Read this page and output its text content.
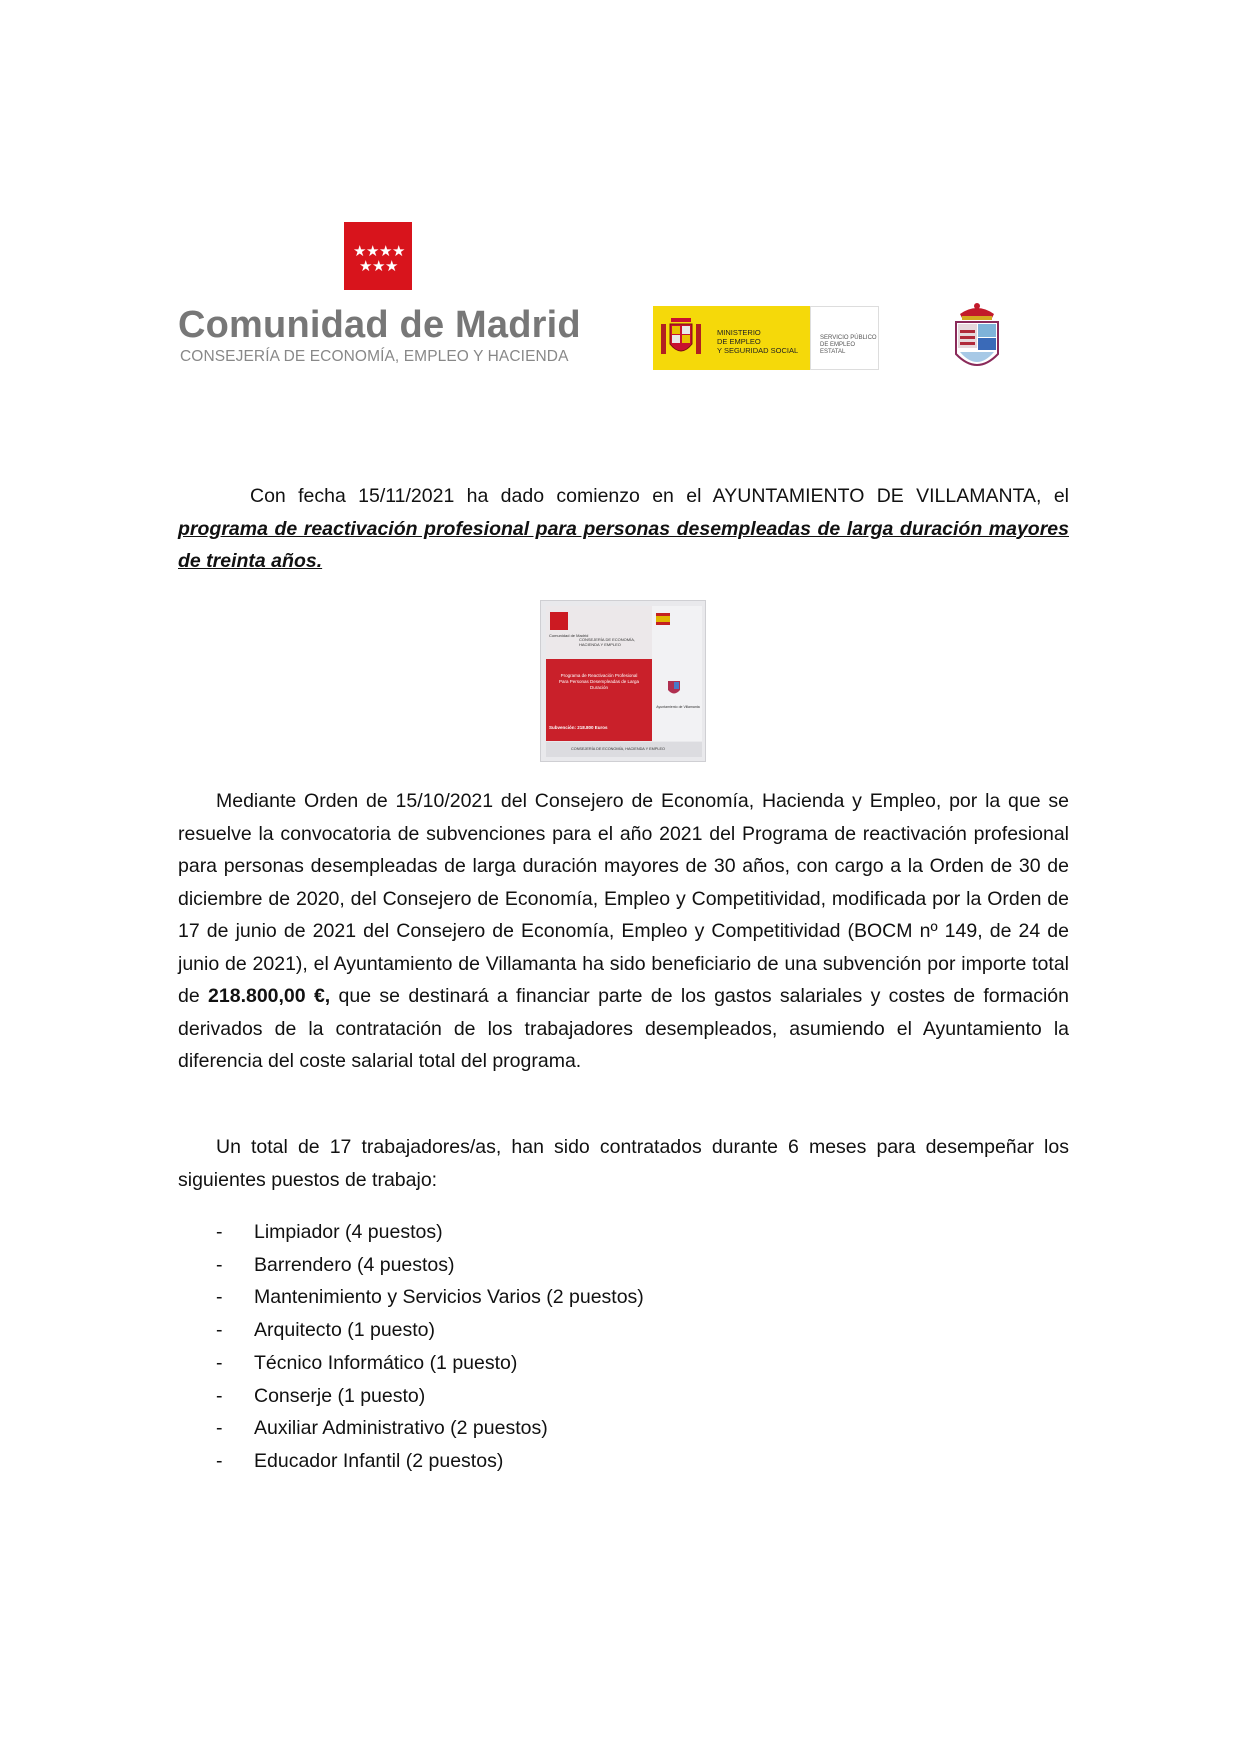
★ ★ ★ ★
★ ★ ★
Comunidad de Madrid
CONSEJERÍA DE ECONOMÍA, EMPLEO Y HACIENDA
MINISTERIO
DE EMPLEO
Y SEGURIDAD SOCIAL
SERVICIO PÚBLICO
DE EMPLEO ESTATAL

Con fecha 15/11/2021 ha dado comienzo en el AYUNTAMIENTO DE VILLAMANTA, el programa de reactivación profesional para personas desempleadas de larga duración mayores de treinta años.

Comunidad de Madrid
CONSEJERÍA DE ECONOMÍA, HACIENDA Y EMPLEO
Programa de Reactivación Profesional
Para Personas Desempleadas de Larga
Duración
Subvención: 218.800 Euros
Ayuntamiento de Villamanta
CONSEJERÍA DE ECONOMÍA, HACIENDA Y EMPLEO

Mediante Orden de 15/10/2021 del Consejero de Economía, Hacienda y Empleo, por la que se resuelve la convocatoria de subvenciones para el año 2021 del Programa de reactivación profesional para personas desempleadas de larga duración mayores de 30 años, con cargo a la Orden de 30 de diciembre de 2020, del Consejero de Economía, Empleo y Competitividad, modificada por la Orden de 17 de junio de 2021 del Consejero de Economía, Empleo y Competitividad (BOCM nº 149, de 24 de junio de 2021), el Ayuntamiento de Villamanta ha sido beneficiario de una subvención por importe total de 218.800,00 €, que se destinará a financiar parte de los gastos salariales y costes de formación derivados de la contratación de los trabajadores desempleados, asumiendo el Ayuntamiento la diferencia del coste salarial total del programa.

Un total de 17 trabajadores/as, han sido contratados durante 6 meses para desempeñar los siguientes puestos de trabajo:

- Limpiador (4 puestos)
- Barrendero (4 puestos)
- Mantenimiento y Servicios Varios (2 puestos)
- Arquitecto (1 puesto)
- Técnico Informático (1 puesto)
- Conserje (1 puesto)
- Auxiliar Administrativo (2 puestos)
- Educador Infantil (2 puestos)
